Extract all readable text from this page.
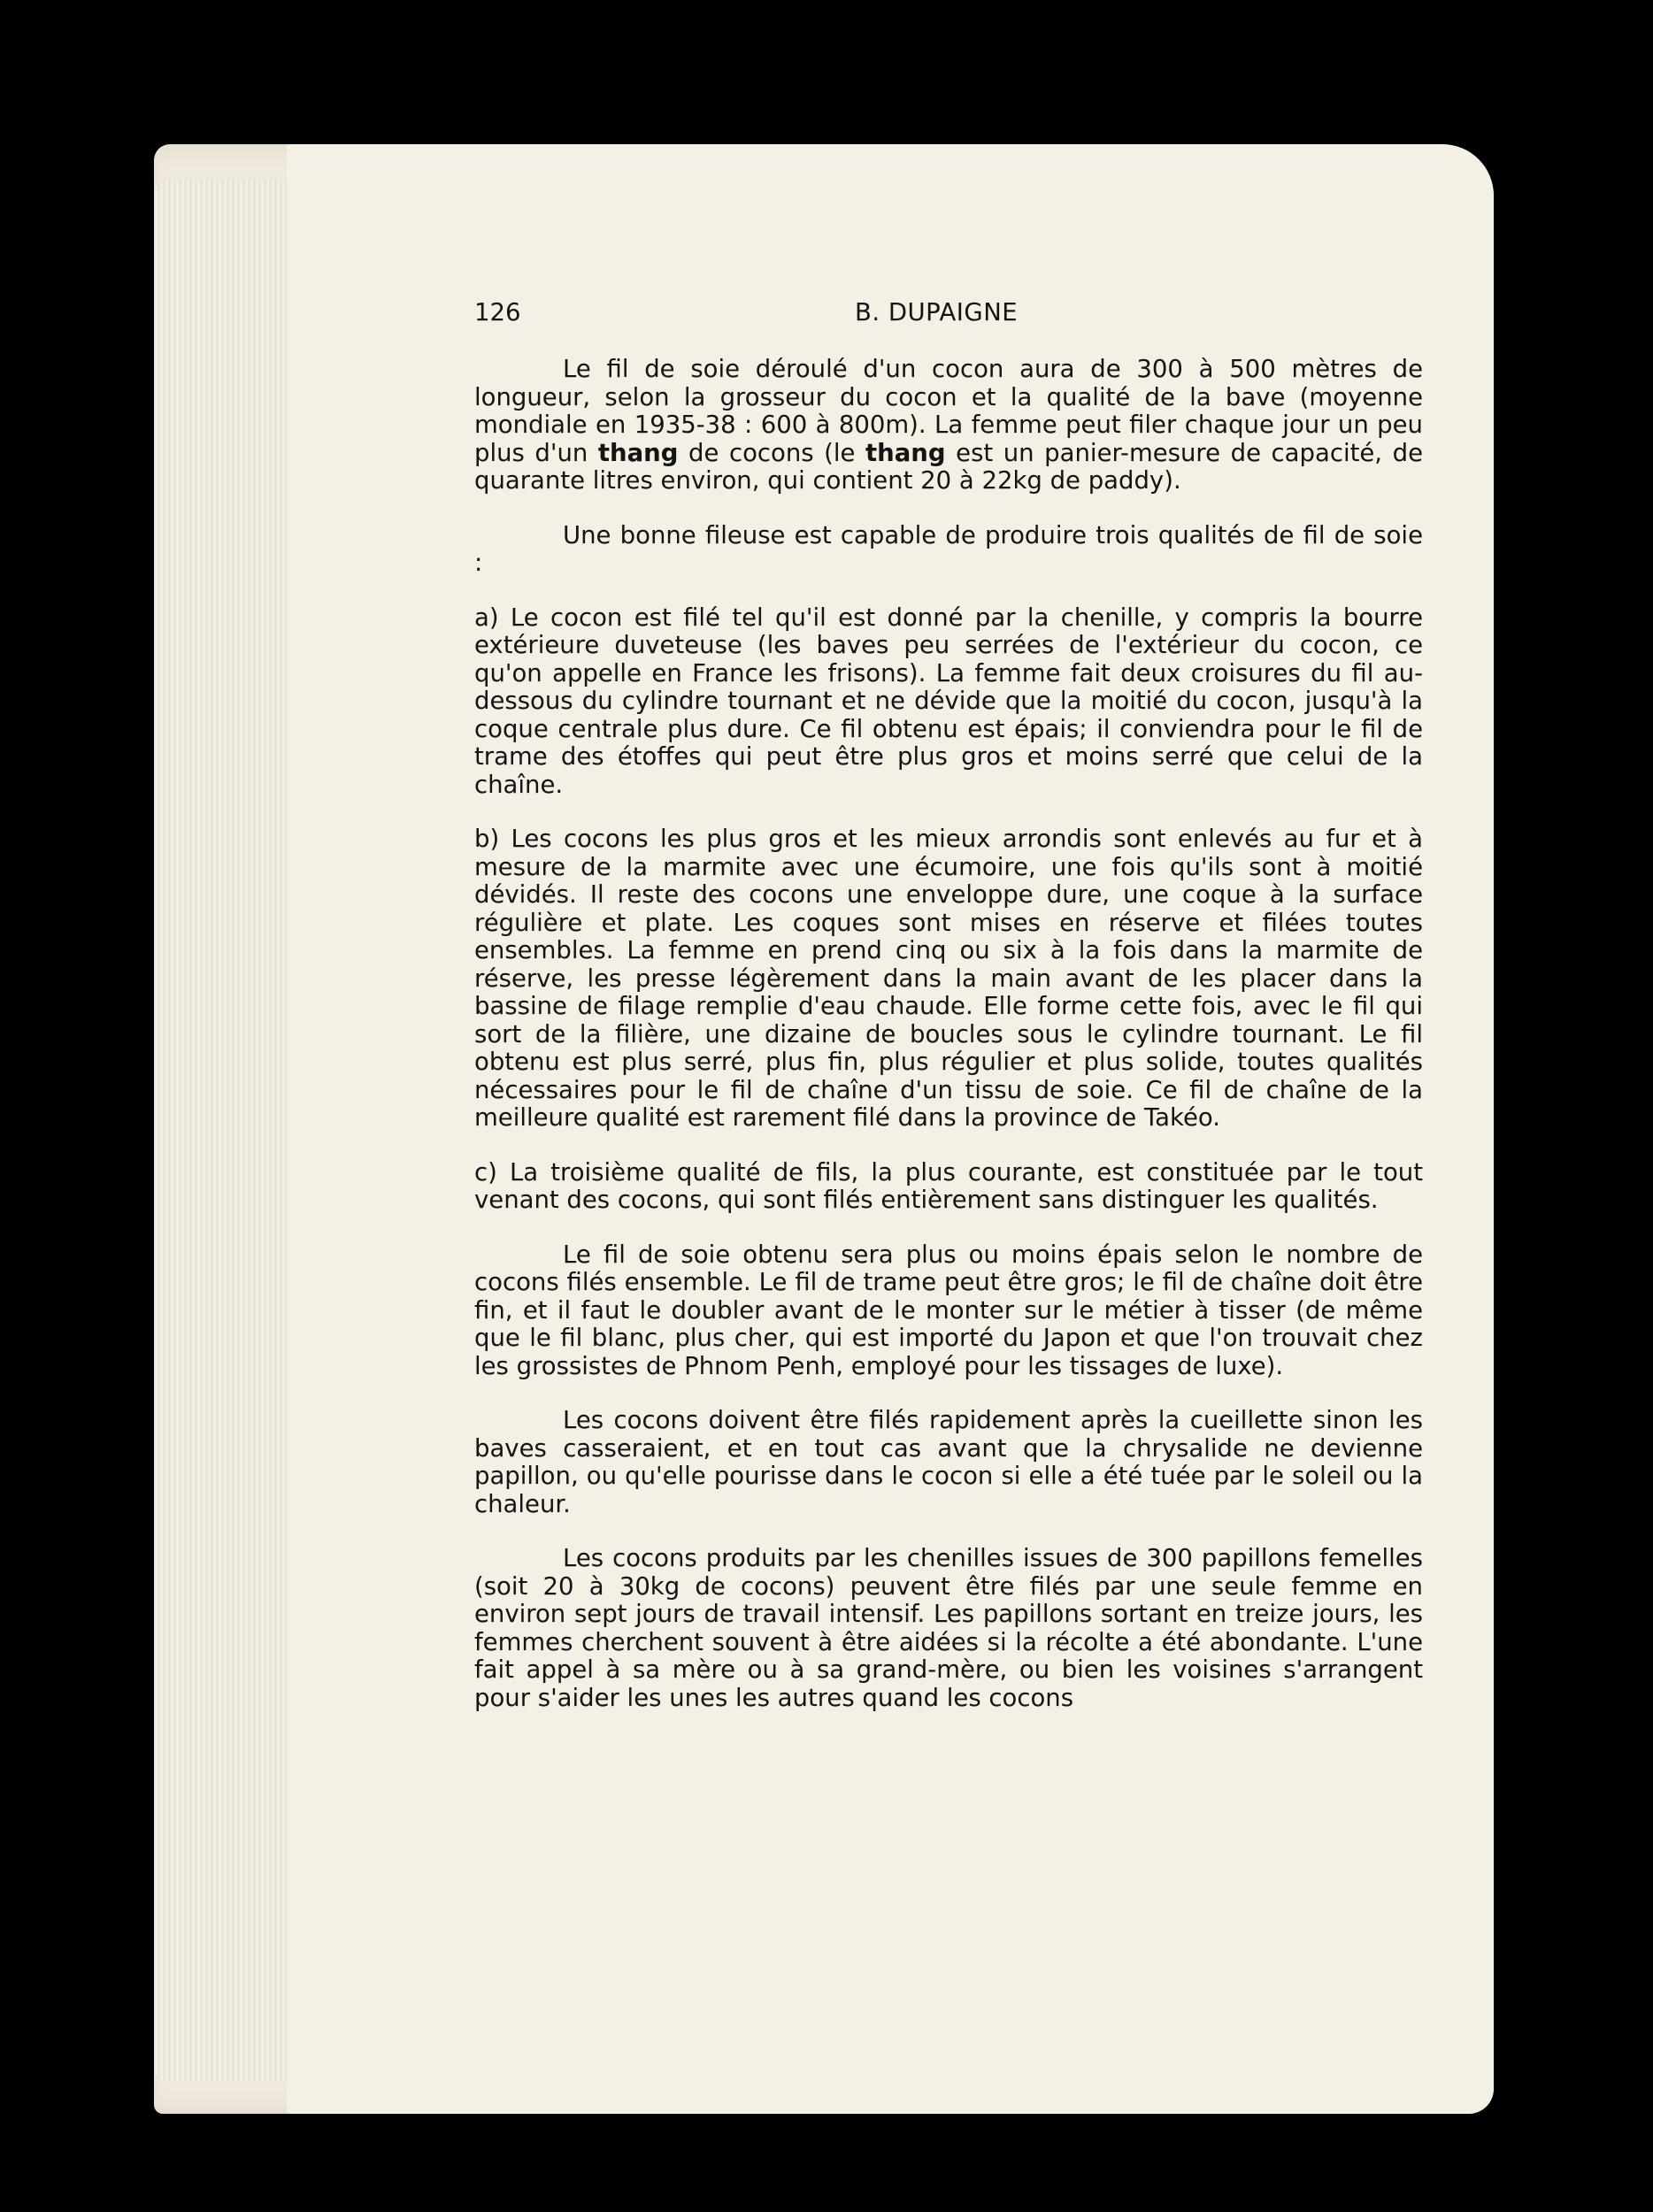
126	B. DUPAIGNE

Le fil de soie déroulé d'un cocon aura de 300 à 500 mètres de longueur, selon la grosseur du cocon et la qualité de la bave (moyenne mondiale en 1935-38 : 600 à 800m). La femme peut filer chaque jour un peu plus d'un thang de cocons (le thang est un panier-mesure de capacité, de quarante litres environ, qui contient 20 à 22kg de paddy).

Une bonne fileuse est capable de produire trois qualités de fil de soie :

a) Le cocon est filé tel qu'il est donné par la chenille, y compris la bourre extérieure duveteuse (les baves peu serrées de l'extérieur du cocon, ce qu'on appelle en France les frisons). La femme fait deux croisures du fil au-dessous du cylindre tournant et ne dévide que la moitié du cocon, jusqu'à la coque centrale plus dure. Ce fil obtenu est épais; il conviendra pour le fil de trame des étoffes qui peut être plus gros et moins serré que celui de la chaîne.

b) Les cocons les plus gros et les mieux arrondis sont enlevés au fur et à mesure de la marmite avec une écumoire, une fois qu'ils sont à moitié dévidés. Il reste des cocons une enveloppe dure, une coque à la surface régulière et plate. Les coques sont mises en réserve et filées toutes ensembles. La femme en prend cinq ou six à la fois dans la marmite de réserve, les presse légèrement dans la main avant de les placer dans la bassine de filage remplie d'eau chaude. Elle forme cette fois, avec le fil qui sort de la filière, une dizaine de boucles sous le cylindre tournant. Le fil obtenu est plus serré, plus fin, plus régulier et plus solide, toutes qualités nécessaires pour le fil de chaîne d'un tissu de soie. Ce fil de chaîne de la meilleure qualité est rarement filé dans la province de Takéo.

c) La troisième qualité de fils, la plus courante, est constituée par le tout venant des cocons, qui sont filés entièrement sans distinguer les qualités.

Le fil de soie obtenu sera plus ou moins épais selon le nombre de cocons filés ensemble. Le fil de trame peut être gros; le fil de chaîne doit être fin, et il faut le doubler avant de le monter sur le métier à tisser (de même que le fil blanc, plus cher, qui est importé du Japon et que l'on trouvait chez les grossistes de Phnom Penh, employé pour les tissages de luxe).

Les cocons doivent être filés rapidement après la cueillette sinon les baves casseraient, et en tout cas avant que la chrysalide ne devienne papillon, ou qu'elle pourisse dans le cocon si elle a été tuée par le soleil ou la chaleur.

Les cocons produits par les chenilles issues de 300 papillons femelles (soit 20 à 30kg de cocons) peuvent être filés par une seule femme en environ sept jours de travail intensif. Les papillons sortant en treize jours, les femmes cherchent souvent à être aidées si la récolte a été abondante. L'une fait appel à sa mère ou à sa grand-mère, ou bien les voisines s'arrangent pour s'aider les unes les autres quand les cocons
